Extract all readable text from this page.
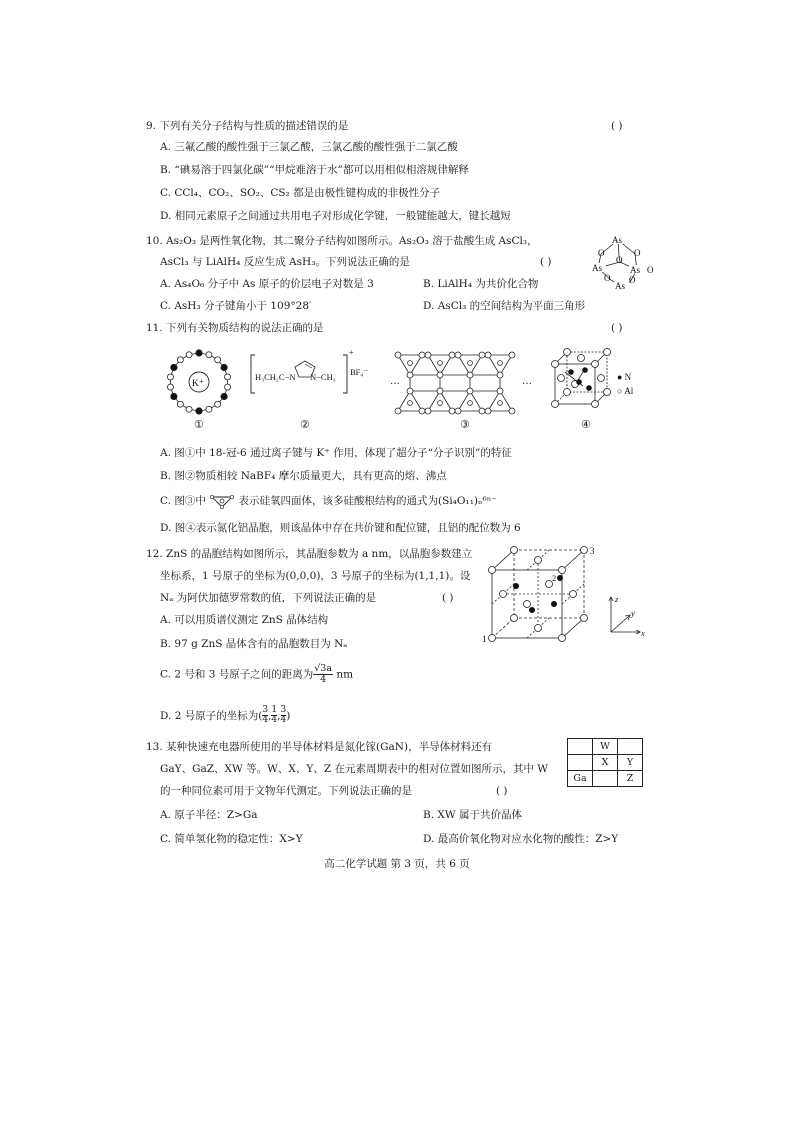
9. 下列有关分子结构与性质的描述错误的是	( )
A. 三氟乙酸的酸性强于三氯乙酸，三氯乙酸的酸性强于二氯乙酸
B. “碘易溶于四氯化碳”“甲烷难溶于水”都可以用相似相溶规律解释
C. CCl₄、CO₂、SO₂、CS₂ 都是由极性键构成的非极性分子
D. 相同元素原子之间通过共用电子对形成化学键，一般键能越大，键长越短
10. As₂O₃ 是两性氧化物，其二聚分子结构如图所示。As₂O₃ 溶于盐酸生成 AsCl₃，
AsCl₃ 与 LiAlH₄ 反应生成 AsH₃。下列说法正确的是	( )
A. As₄O₆ 分子中 As 原子的价层电子对数是 3	B. LiAlH₄ 为共价化合物
C. AsH₃ 分子键角小于 109°28′	D. AsCl₃ 的空间结构为平面三角形
As
As	As
As
O	O
O
O O
O
11. 下列有关物质结构的说法正确的是	( )
K⁺
H₃CH₂C−N N−CH₃
+
BF₄⁻
···	···
● N
○ Al
①	②	③	④
A. 图①中 18-冠-6 通过离子键与 K⁺ 作用，体现了超分子“分子识别”的特征
B. 图②物质相较 NaBF₄ 摩尔质量更大，具有更高的熔、沸点
C. 图③中	表示硅氧四面体，该多硅酸根结构的通式为(Si₄O₁₁)ₙ⁶ⁿ⁻
D. 图④表示氮化铝晶胞，则该晶体中存在共价键和配位键，且铝的配位数为 6
12. ZnS 的晶胞结构如图所示，其晶胞参数为 a nm，以晶胞参数建立
坐标系，1 号原子的坐标为(0,0,0)，3 号原子的坐标为(1,1,1)。设
Nₐ 为阿伏加德罗常数的值，下列说法正确的是	( )
A. 可以用质谱仪测定 ZnS 晶体结构
B. 97 g ZnS 晶体含有的晶胞数目为 Nₐ
C. 2 号和 3 号原子之间的距离为 $\frac{√3a}{4}$ nm
D. 2 号原子的坐标为( $\frac{3}{4}$ , $\frac{1}{4}$ , $\frac{3}{4}$ )
2
3
1
z
y
x
13. 某种快速充电器所使用的半导体材料是氮化镓(GaN)，半导体材料还有
GaY、GaZ、XW 等。W、X、Y、Z 在元素周期表中的相对位置如图所示，其中 W
的一种同位素可用于文物年代测定。下列说法正确的是	( )
A. 原子半径：Z>Ga	B. XW 属于共价晶体
C. 简单氢化物的稳定性：X>Y	D. 最高价氧化物对应水化物的酸性：Z>Y
	W	
	X	Y
Ga		Z
高二化学试题 第 3 页，共 6 页
